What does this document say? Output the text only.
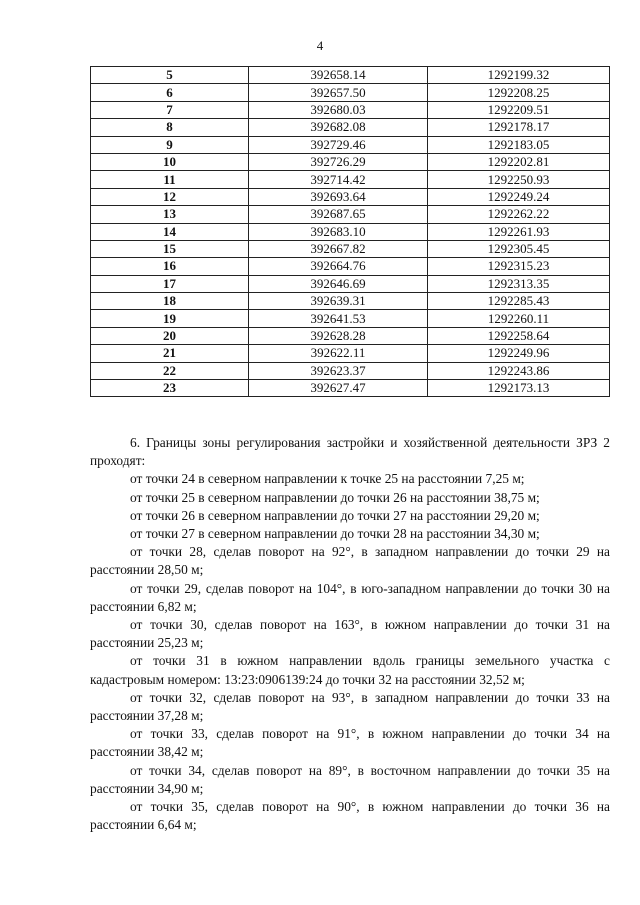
4
5	392658.14	1292199.32
6	392657.50	1292208.25
7	392680.03	1292209.51
8	392682.08	1292178.17
9	392729.46	1292183.05
10	392726.29	1292202.81
11	392714.42	1292250.93
12	392693.64	1292249.24
13	392687.65	1292262.22
14	392683.10	1292261.93
15	392667.82	1292305.45
16	392664.76	1292315.23
17	392646.69	1292313.35
18	392639.31	1292285.43
19	392641.53	1292260.11
20	392628.28	1292258.64
21	392622.11	1292249.96
22	392623.37	1292243.86
23	392627.47	1292173.13

6. Границы зоны регулирования застройки и хозяйственной деятельности ЗРЗ 2 проходят:

от точки 24 в северном направлении к точке 25 на расстоянии 7,25 м;

от точки 25 в северном направлении до точки 26 на расстоянии 38,75 м;

от точки 26 в северном направлении до точки 27 на расстоянии 29,20 м;

от точки 27 в северном направлении до точки 28 на расстоянии 34,30 м;

от точки 28, сделав поворот на 92°, в западном направлении до точки 29 на расстоянии 28,50 м;

от точки 29, сделав поворот на 104°, в юго-западном направлении до точки 30 на расстоянии 6,82 м;

от точки 30, сделав поворот на 163°, в южном направлении до точки 31 на расстоянии 25,23 м;

от точки 31 в южном направлении вдоль границы земельного участка с кадастровым номером: 13:23:0906139:24 до точки 32 на расстоянии 32,52 м;

от точки 32, сделав поворот на 93°, в западном направлении до точки 33 на расстоянии 37,28 м;

от точки 33, сделав поворот на 91°, в южном направлении до точки 34 на расстоянии 38,42 м;

от точки 34, сделав поворот на 89°, в восточном направлении до точки 35 на расстоянии 34,90 м;

от точки 35, сделав поворот на 90°, в южном направлении до точки 36 на расстоянии 6,64 м;
